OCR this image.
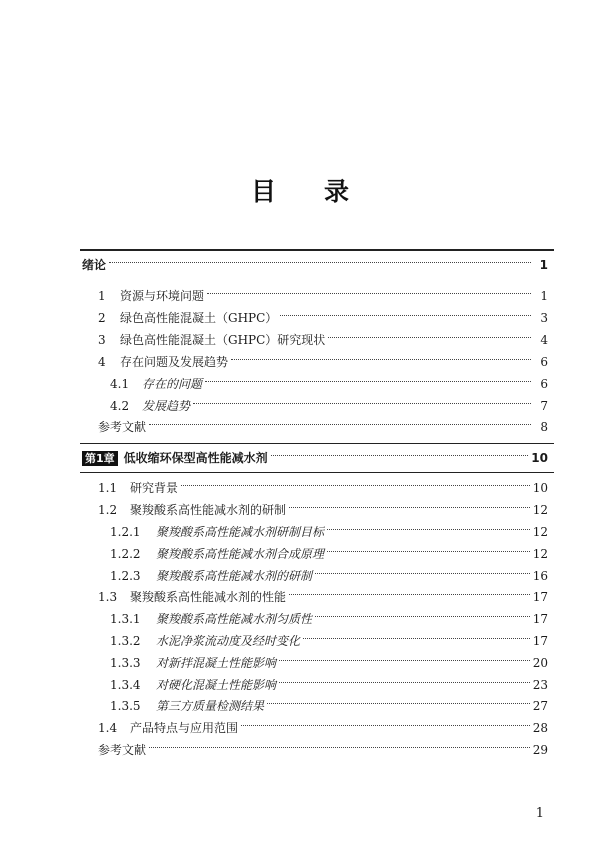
目 录
绪论	1
1	资源与环境问题	1
2	绿色高性能混凝土（GHPC）	3
3	绿色高性能混凝土（GHPC）研究现状	4
4	存在问题及发展趋势	6
4.1	存在的问题	6
4.2	发展趋势	7
参考文献	8
第1章 低收缩环保型高性能减水剂	10
1.1	研究背景	10
1.2	聚羧酸系高性能减水剂的研制	12
1.2.1	聚羧酸系高性能减水剂研制目标	12
1.2.2	聚羧酸系高性能减水剂合成原理	12
1.2.3	聚羧酸系高性能减水剂的研制	16
1.3	聚羧酸系高性能减水剂的性能	17
1.3.1	聚羧酸系高性能减水剂匀质性	17
1.3.2	水泥净浆流动度及经时变化	17
1.3.3	对新拌混凝土性能影响	20
1.3.4	对硬化混凝土性能影响	23
1.3.5	第三方质量检测结果	27
1.4	产品特点与应用范围	28
参考文献	29
1
